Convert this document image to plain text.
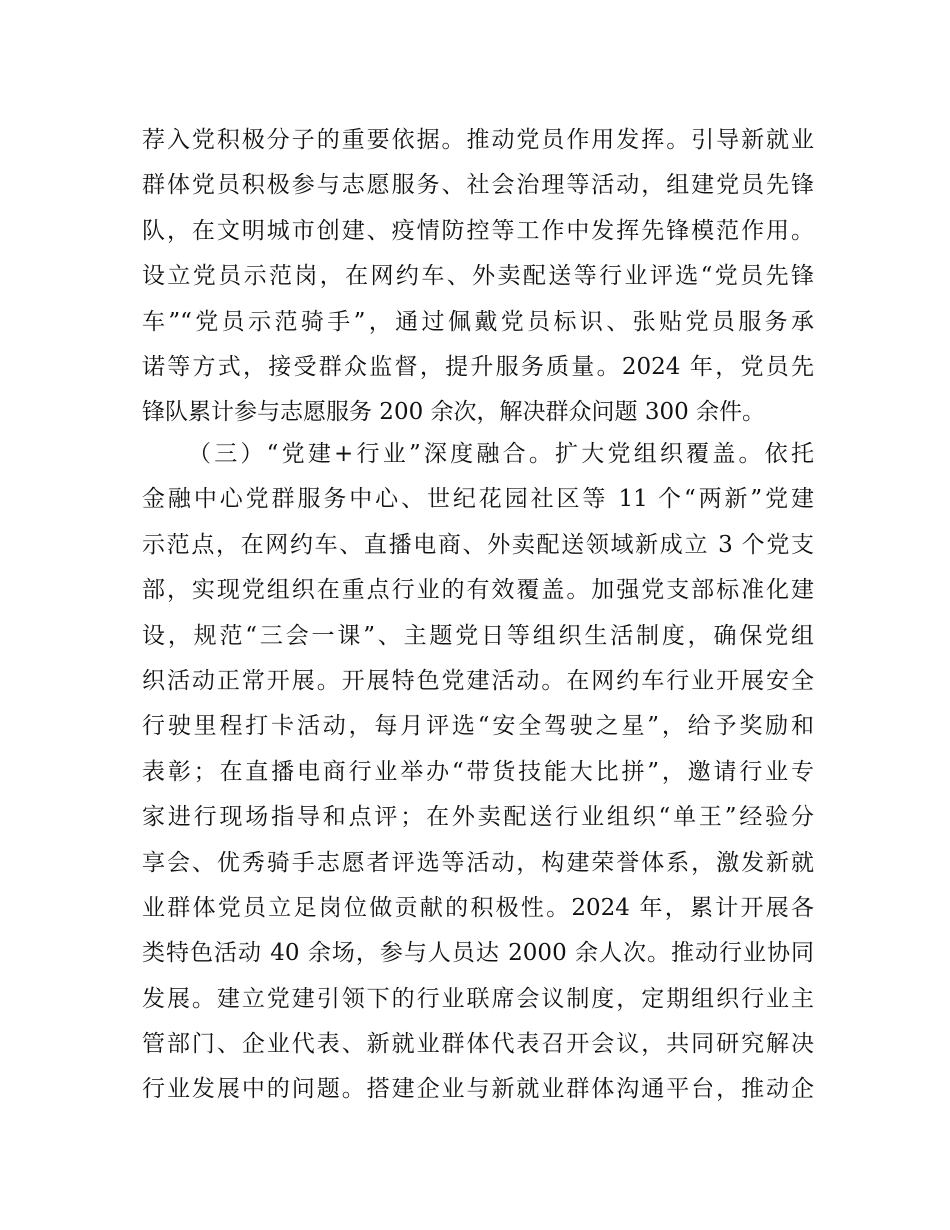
荐入党积极分子的重要依据。推动党员作用发挥。引导新就业
群体党员积极参与志愿服务、社会治理等活动，组建党员先锋
队，在文明城市创建、疫情防控等工作中发挥先锋模范作用。
设立党员示范岗，在网约车、外卖配送等行业评选“党员先锋
车”“党员示范骑手”，通过佩戴党员标识、张贴党员服务承
诺等方式，接受群众监督，提升服务质量。2024 年，党员先
锋队累计参与志愿服务 200 余次，解决群众问题 300 余件。
（三）“党建+行业”深度融合。扩大党组织覆盖。依托
金融中心党群服务中心、世纪花园社区等 11 个“两新”党建
示范点，在网约车、直播电商、外卖配送领域新成立 3 个党支
部，实现党组织在重点行业的有效覆盖。加强党支部标准化建
设，规范“三会一课”、主题党日等组织生活制度，确保党组
织活动正常开展。开展特色党建活动。在网约车行业开展安全
行驶里程打卡活动，每月评选“安全驾驶之星”，给予奖励和
表彰；在直播电商行业举办“带货技能大比拼”，邀请行业专
家进行现场指导和点评；在外卖配送行业组织“单王”经验分
享会、优秀骑手志愿者评选等活动，构建荣誉体系，激发新就
业群体党员立足岗位做贡献的积极性。2024 年，累计开展各
类特色活动 40 余场，参与人员达 2000 余人次。推动行业协同
发展。建立党建引领下的行业联席会议制度，定期组织行业主
管部门、企业代表、新就业群体代表召开会议，共同研究解决
行业发展中的问题。搭建企业与新就业群体沟通平台，推动企
